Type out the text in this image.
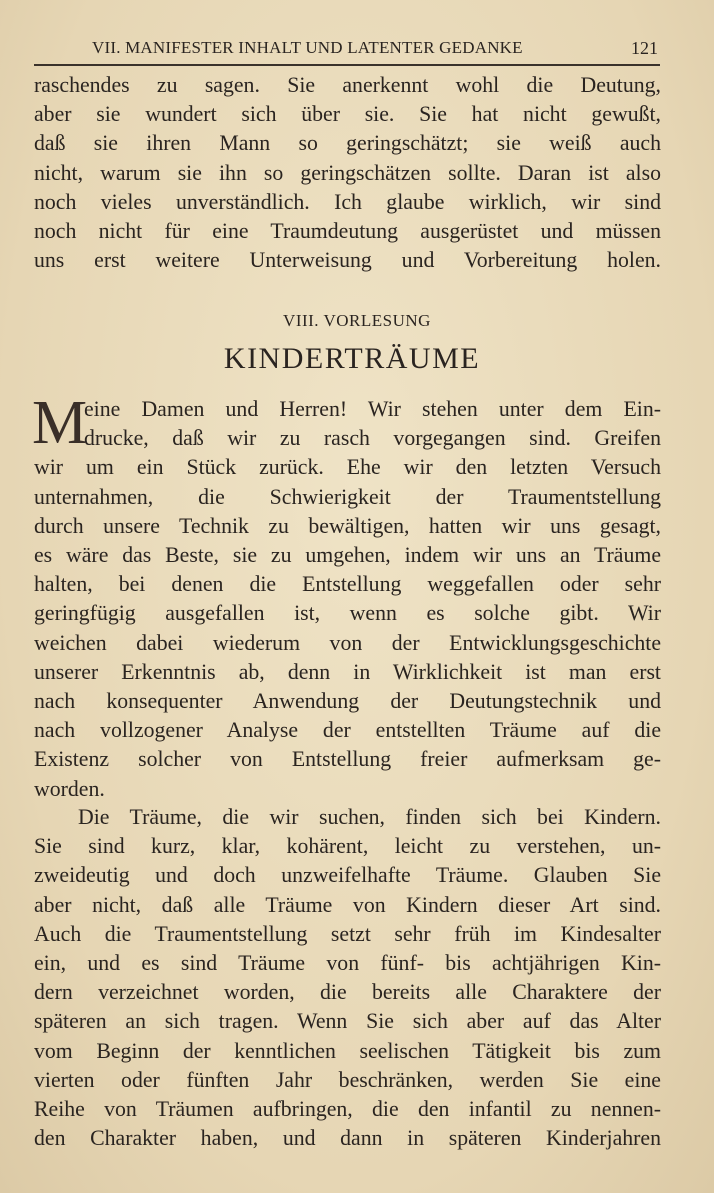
VII. MANIFESTER INHALT UND LATENTER GEDANKE	121
raschendes zu sagen. Sie anerkennt wohl die Deutung,
aber sie wundert sich über sie. Sie hat nicht gewußt,
daß sie ihren Mann so geringschätzt; sie weiß auch
nicht, warum sie ihn so geringschätzen sollte. Daran ist also
noch vieles unverständlich. Ich glaube wirklich, wir sind
noch nicht für eine Traumdeutung ausgerüstet und müssen
uns erst weitere Unterweisung und Vorbereitung holen.
VIII. VORLESUNG
KINDERTRÄUME
M
eine Damen und Herren! Wir stehen unter dem Ein-
drucke, daß wir zu rasch vorgegangen sind. Greifen
wir um ein Stück zurück. Ehe wir den letzten Versuch
unternahmen, die Schwierigkeit der Traumentstellung
durch unsere Technik zu bewältigen, hatten wir uns gesagt,
es wäre das Beste, sie zu umgehen, indem wir uns an Träume
halten, bei denen die Entstellung weggefallen oder sehr
geringfügig ausgefallen ist, wenn es solche gibt. Wir
weichen dabei wiederum von der Entwicklungsgeschichte
unserer Erkenntnis ab, denn in Wirklichkeit ist man erst
nach konsequenter Anwendung der Deutungstechnik und
nach vollzogener Analyse der entstellten Träume auf die
Existenz solcher von Entstellung freier aufmerksam ge-
worden.
Die Träume, die wir suchen, finden sich bei Kindern.
Sie sind kurz, klar, kohärent, leicht zu verstehen, un-
zweideutig und doch unzweifelhafte Träume. Glauben Sie
aber nicht, daß alle Träume von Kindern dieser Art sind.
Auch die Traumentstellung setzt sehr früh im Kindesalter
ein, und es sind Träume von fünf- bis achtjährigen Kin-
dern verzeichnet worden, die bereits alle Charaktere der
späteren an sich tragen. Wenn Sie sich aber auf das Alter
vom Beginn der kenntlichen seelischen Tätigkeit bis zum
vierten oder fünften Jahr beschränken, werden Sie eine
Reihe von Träumen aufbringen, die den infantil zu nennen-
den Charakter haben, und dann in späteren Kinderjahren
